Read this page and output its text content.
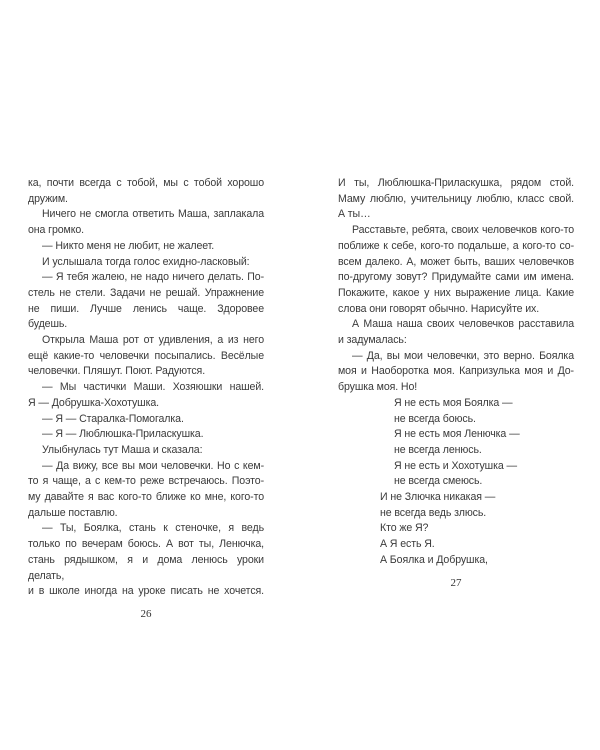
ка, почти всегда с тобой, мы с тобой хорошо
дружим.
Ничего не смогла ответить Маша, заплакала
она громко.
— Никто меня не любит, не жалеет.
И услышала тогда голос ехидно-ласковый:
— Я тебя жалею, не надо ничего делать. По-
стель не стели. Задачи не решай. Упражнение
не пиши. Лучше ленись чаще. Здоровее будешь.
Открыла Маша рот от удивления, а из него
ещё какие-то человечки посыпались. Весёлые
человечки. Пляшут. Поют. Радуются.
— Мы частички Маши. Хозяюшки нашей.
Я — Добрушка-Хохотушка.
— Я — Старалка-Помогалка.
— Я — Люблюшка-Приласкушка.
Улыбнулась тут Маша и сказала:
— Да вижу, все вы мои человечки. Но с кем-
то я чаще, а с кем-то реже встречаюсь. Поэто-
му давайте я вас кого-то ближе ко мне, кого-то
дальше поставлю.
— Ты, Боялка, стань к стеночке, я ведь
только по вечерам боюсь. А вот ты, Ленючка,
стань рядышком, я и дома ленюсь уроки делать,
и в школе иногда на уроке писать не хочется.
26
И ты, Люблюшка-Приласкушка, рядом стой.
Маму люблю, учительницу люблю, класс свой.
А ты…
Расставьте, ребята, своих человечков кого-то
поближе к себе, кого-то подальше, а кого-то со-
всем далеко. А, может быть, ваших человечков
по-другому зовут? Придумайте сами им имена.
Покажите, какое у них выражение лица. Какие
слова они говорят обычно. Нарисуйте их.
А Маша наша своих человечков расставила
и задумалась:
— Да, вы мои человечки, это верно. Боялка
моя и Наоборотка моя. Капризулька моя и До-
брушка моя. Но!
Я не есть моя Боялка —
не всегда боюсь.
Я не есть моя Ленючка —
не всегда ленюсь.
Я не есть и Хохотушка —
не всегда смеюсь.
И не Злючка никакая —
не всегда ведь злюсь.
Кто же Я?
А Я есть Я.
А Боялка и Добрушка,
27
